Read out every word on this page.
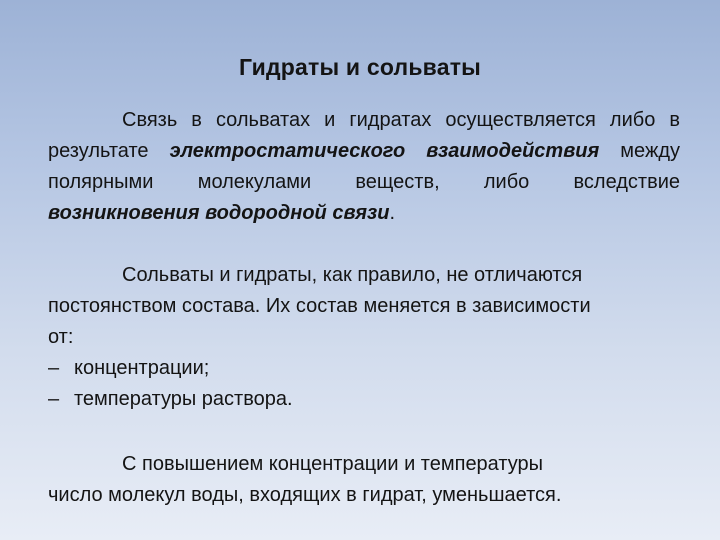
Гидраты и сольваты
Связь в сольватах и гидратах осуществляется либо в результате электростатического взаимодействия между полярными молекулами веществ, либо вследствие возникновения водородной связи.

Сольваты и гидраты, как правило, не отличаются

постоянством состава. Их состав меняется в зависимости

от:

– концентрации;
– температуры раствора.

С повышением концентрации и температуры

число молекул воды, входящих в гидрат, уменьшается.
